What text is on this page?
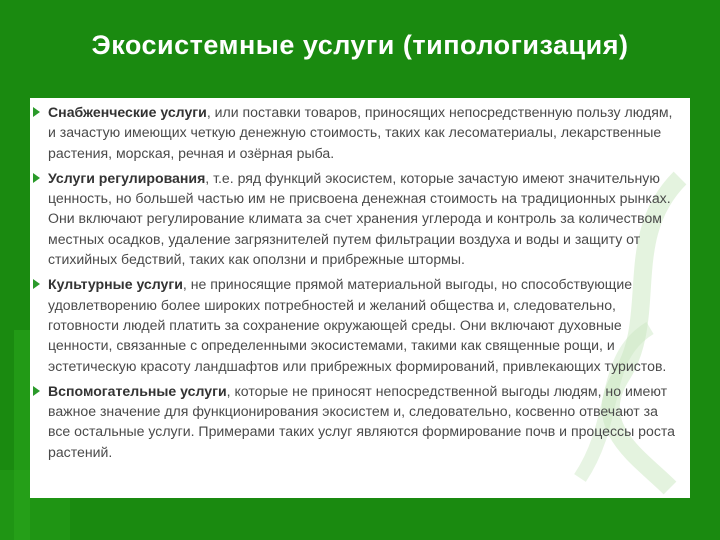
Экосистемные услуги (типологизация)
Снабженческие услуги, или поставки товаров, приносящих непосредственную пользу людям, и зачастую имеющих четкую денежную стоимость, таких как лесоматериалы, лекарственные растения, морская, речная и озёрная рыба.
Услуги регулирования, т.е. ряд функций экосистем, которые зачастую имеют значительную ценность, но большей частью им не присвоена денежная стоимость на традиционных рынках. Они включают регулирование климата за счет хранения углерода и контроль за количеством местных осадков, удаление загрязнителей путем фильтрации воздуха и воды и защиту от стихийных бедствий, таких как оползни и прибрежные штормы.
Культурные услуги, не приносящие прямой материальной выгоды, но способствующие удовлетворению более широких потребностей и желаний общества и, следовательно, готовности людей платить за сохранение окружающей среды. Они включают духовные ценности, связанные с определенными экосистемами, такими как священные рощи, и эстетическую красоту ландшафтов или прибрежных формирований, привлекающих туристов.
Вспомогательные услуги, которые не приносят непосредственной выгоды людям, но имеют важное значение для функционирования экосистем и, следовательно, косвенно отвечают за все остальные услуги. Примерами таких услуг являются формирование почв и процессы роста растений.
